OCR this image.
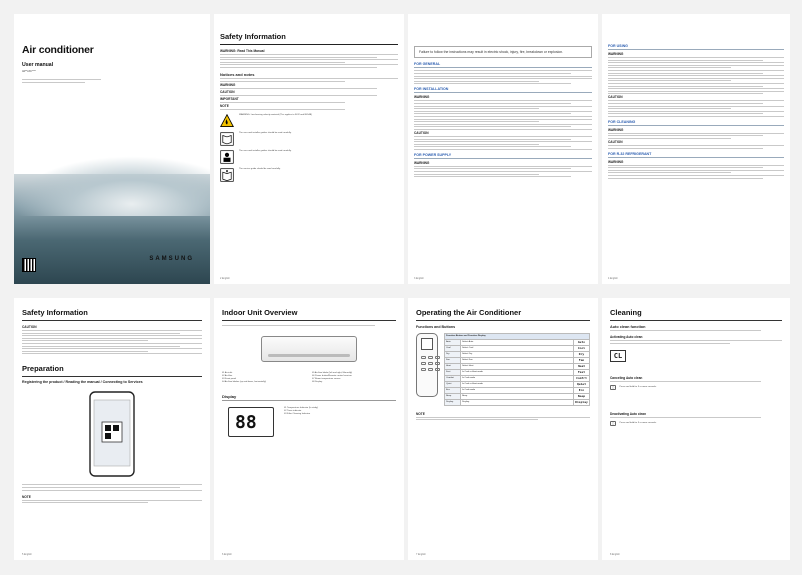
Air conditioner
User manual
AR**AXK****
SAMSUNG
Safety Information
WARNING: Read This Manual
Notices and notes
WARNING
CAUTION
IMPORTANT
NOTE
WARNING: Low burning velocity material (This applies to R-32 and R454B)
The user and installer guides should be read carefully.
The user and installer guides should be read carefully.
The service guide should be read carefully.
2 English
Failure to follow the instructions may result in electric shock, injury, fire, breakdown or explosion.
FOR GENERAL
FOR INSTALLATION
WARNING
CAUTION
FOR POWER SUPPLY
WARNING
3 English
FOR USING
WARNING
CAUTION
FOR CLEANING
WARNING
CAUTION
FOR R-32 REFRIGERANT
WARNING
4 English
Safety Information
CAUTION
Preparation
Registering the product / Reading the manual / Connecting to Services
NOTE
5 English
Indoor Unit Overview
01 Air inlet
02 Air filter
03 Front panel
04 Air flow blades (up and down, horizontally)
05 Air flow blade (left and right, Manually)
06 Power button/Remote control receiver
07 Room temperature sensor
08 Display
Display
88
01 Temperature Indicator (In stnby)
02 Timer indicator
03 Filter Cleaning Indicator
6 English
Operating the Air Conditioner
Functions and Buttons
Function Button and Function Display		
Auto	Select Auto	Auto
Cool	Select Cool	Cool
Dry	Select Dry	Dry
Fan	Select Fan	Fan
Heat	Select Heat	Heat
Fast	In Cool or Heat mode	Fast
Comfort	In Cool mode	Comfrt
Quiet	In Cool or Heat mode	Quiet
Eco	In Cool mode	Eco
Beep	Beep	Beep
Display	Display	Display
NOTE
7 English
Cleaning
Auto clean function
Activating Auto clean
CL
Canceling Auto clean
◯	Press and hold for 3 or more seconds.
Deactivating Auto clean
◯	Press and hold for 3 or more seconds.
8 English
